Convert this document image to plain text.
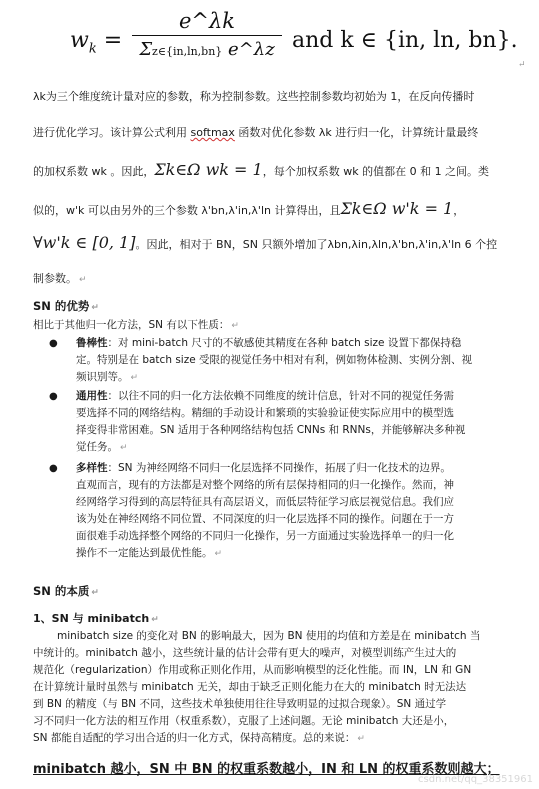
$w_k$ =
e^λk
Σz∈{in,ln,bn} e^λz and k ∈ {in, ln, bn}.
↵
λk为三个维度统计量对应的参数，称为控制参数。这些控制参数均初始为 1，在反向传播时
进行优化学习。该计算公式利用 softmax 函数对优化参数 λk 进行归一化，计算统计量最终
的加权系数 wk 。因此，Σk∈Ω wk = 1，每个加权系数 wk 的值都在 0 和 1 之间。类
似的，w'k 可以由另外的三个参数 λ'bn,λ'in,λ'ln 计算得出，且Σk∈Ω w'k = 1，
∀w'k ∈ [0, 1]。因此，相对于 BN，SN 只额外增加了λbn,λin,λln,λ'bn,λ'in,λ'ln 6 个控
制参数。 ↵
SN 的优势 ↵
相比于其他归一化方法，SN 有以下性质： ↵
●	鲁棒性：对 mini-batch 尺寸的不敏感使其精度在各种 batch size 设置下都保持稳
定。特别是在 batch size 受限的视觉任务中相对有利，例如物体检测、实例分割、视
频识别等。 ↵
●	通用性：以往不同的归一化方法依赖不同维度的统计信息，针对不同的视觉任务需
要选择不同的网络结构。精细的手动设计和繁琐的实验验证使实际应用中的模型选
择变得非常困难。SN 适用于各种网络结构包括 CNNs 和 RNNs，并能够解决多种视
觉任务。 ↵
●	多样性：SN 为神经网络不同归一化层选择不同操作，拓展了归一化技术的边界。
直观而言，现有的方法都是对整个网络的所有层保持相同的归一化操作。然而，神
经网络学习得到的高层特征具有高层语义，而低层特征学习底层视觉信息。我们应
该为处在神经网络不同位置、不同深度的归一化层选择不同的操作。问题在于一方
面很难手动选择整个网络的不同归一化操作，另一方面通过实验选择单一的归一化
操作不一定能达到最优性能。 ↵
SN 的本质 ↵
1、SN 与 minibatch ↵
minibatch size 的变化对 BN 的影响最大，因为 BN 使用的均值和方差是在 minibatch 当
中统计的。minibatch 越小，这些统计量的估计会带有更大的噪声，对模型训练产生过大的
规范化（regularization）作用或称正则化作用，从而影响模型的泛化性能。而 IN，LN 和 GN
在计算统计量时虽然与 minibatch 无关，却由于缺乏正则化能力在大的 minibatch 时无法达
到 BN 的精度（与 BN 不同，这些技术单独使用往往导致明显的过拟合现象）。SN 通过学
习不同归一化方法的相互作用（权重系数），克服了上述问题。无论 minibatch 大还是小，
SN 都能自适配的学习出合适的归一化方式，保持高精度。总的来说： ↵
minibatch 越小，SN 中 BN 的权重系数越小，IN 和 LN 的权重系数则越大；
csdn.net/qq_38351961
